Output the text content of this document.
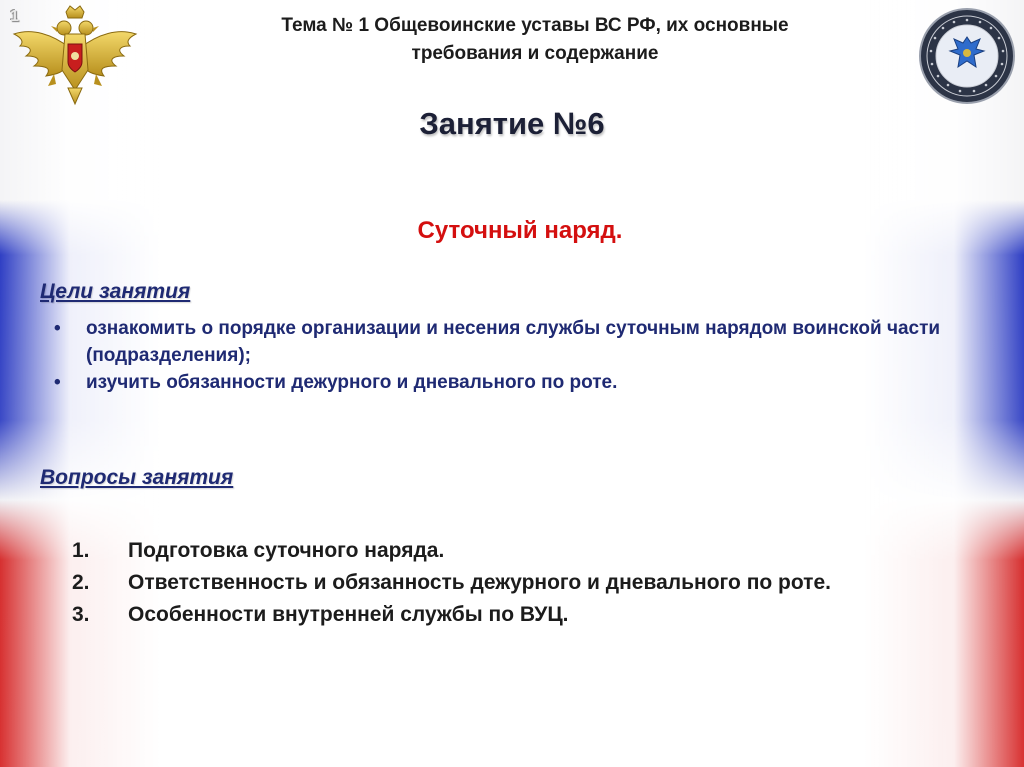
1	Тема № 1 Общевоинские уставы ВС РФ, их основные
требования и содержание
Занятие №6
Суточный наряд.
Цели занятия
•	ознакомить о порядке организации и несения службы суточным нарядом воинской части (подразделения);
•	изучить обязанности дежурного и дневального по роте.
Вопросы занятия
1. Подготовка суточного наряда.
2. Ответственность и обязанность дежурного и дневального по роте.
3. Особенности внутренней службы по ВУЦ.
